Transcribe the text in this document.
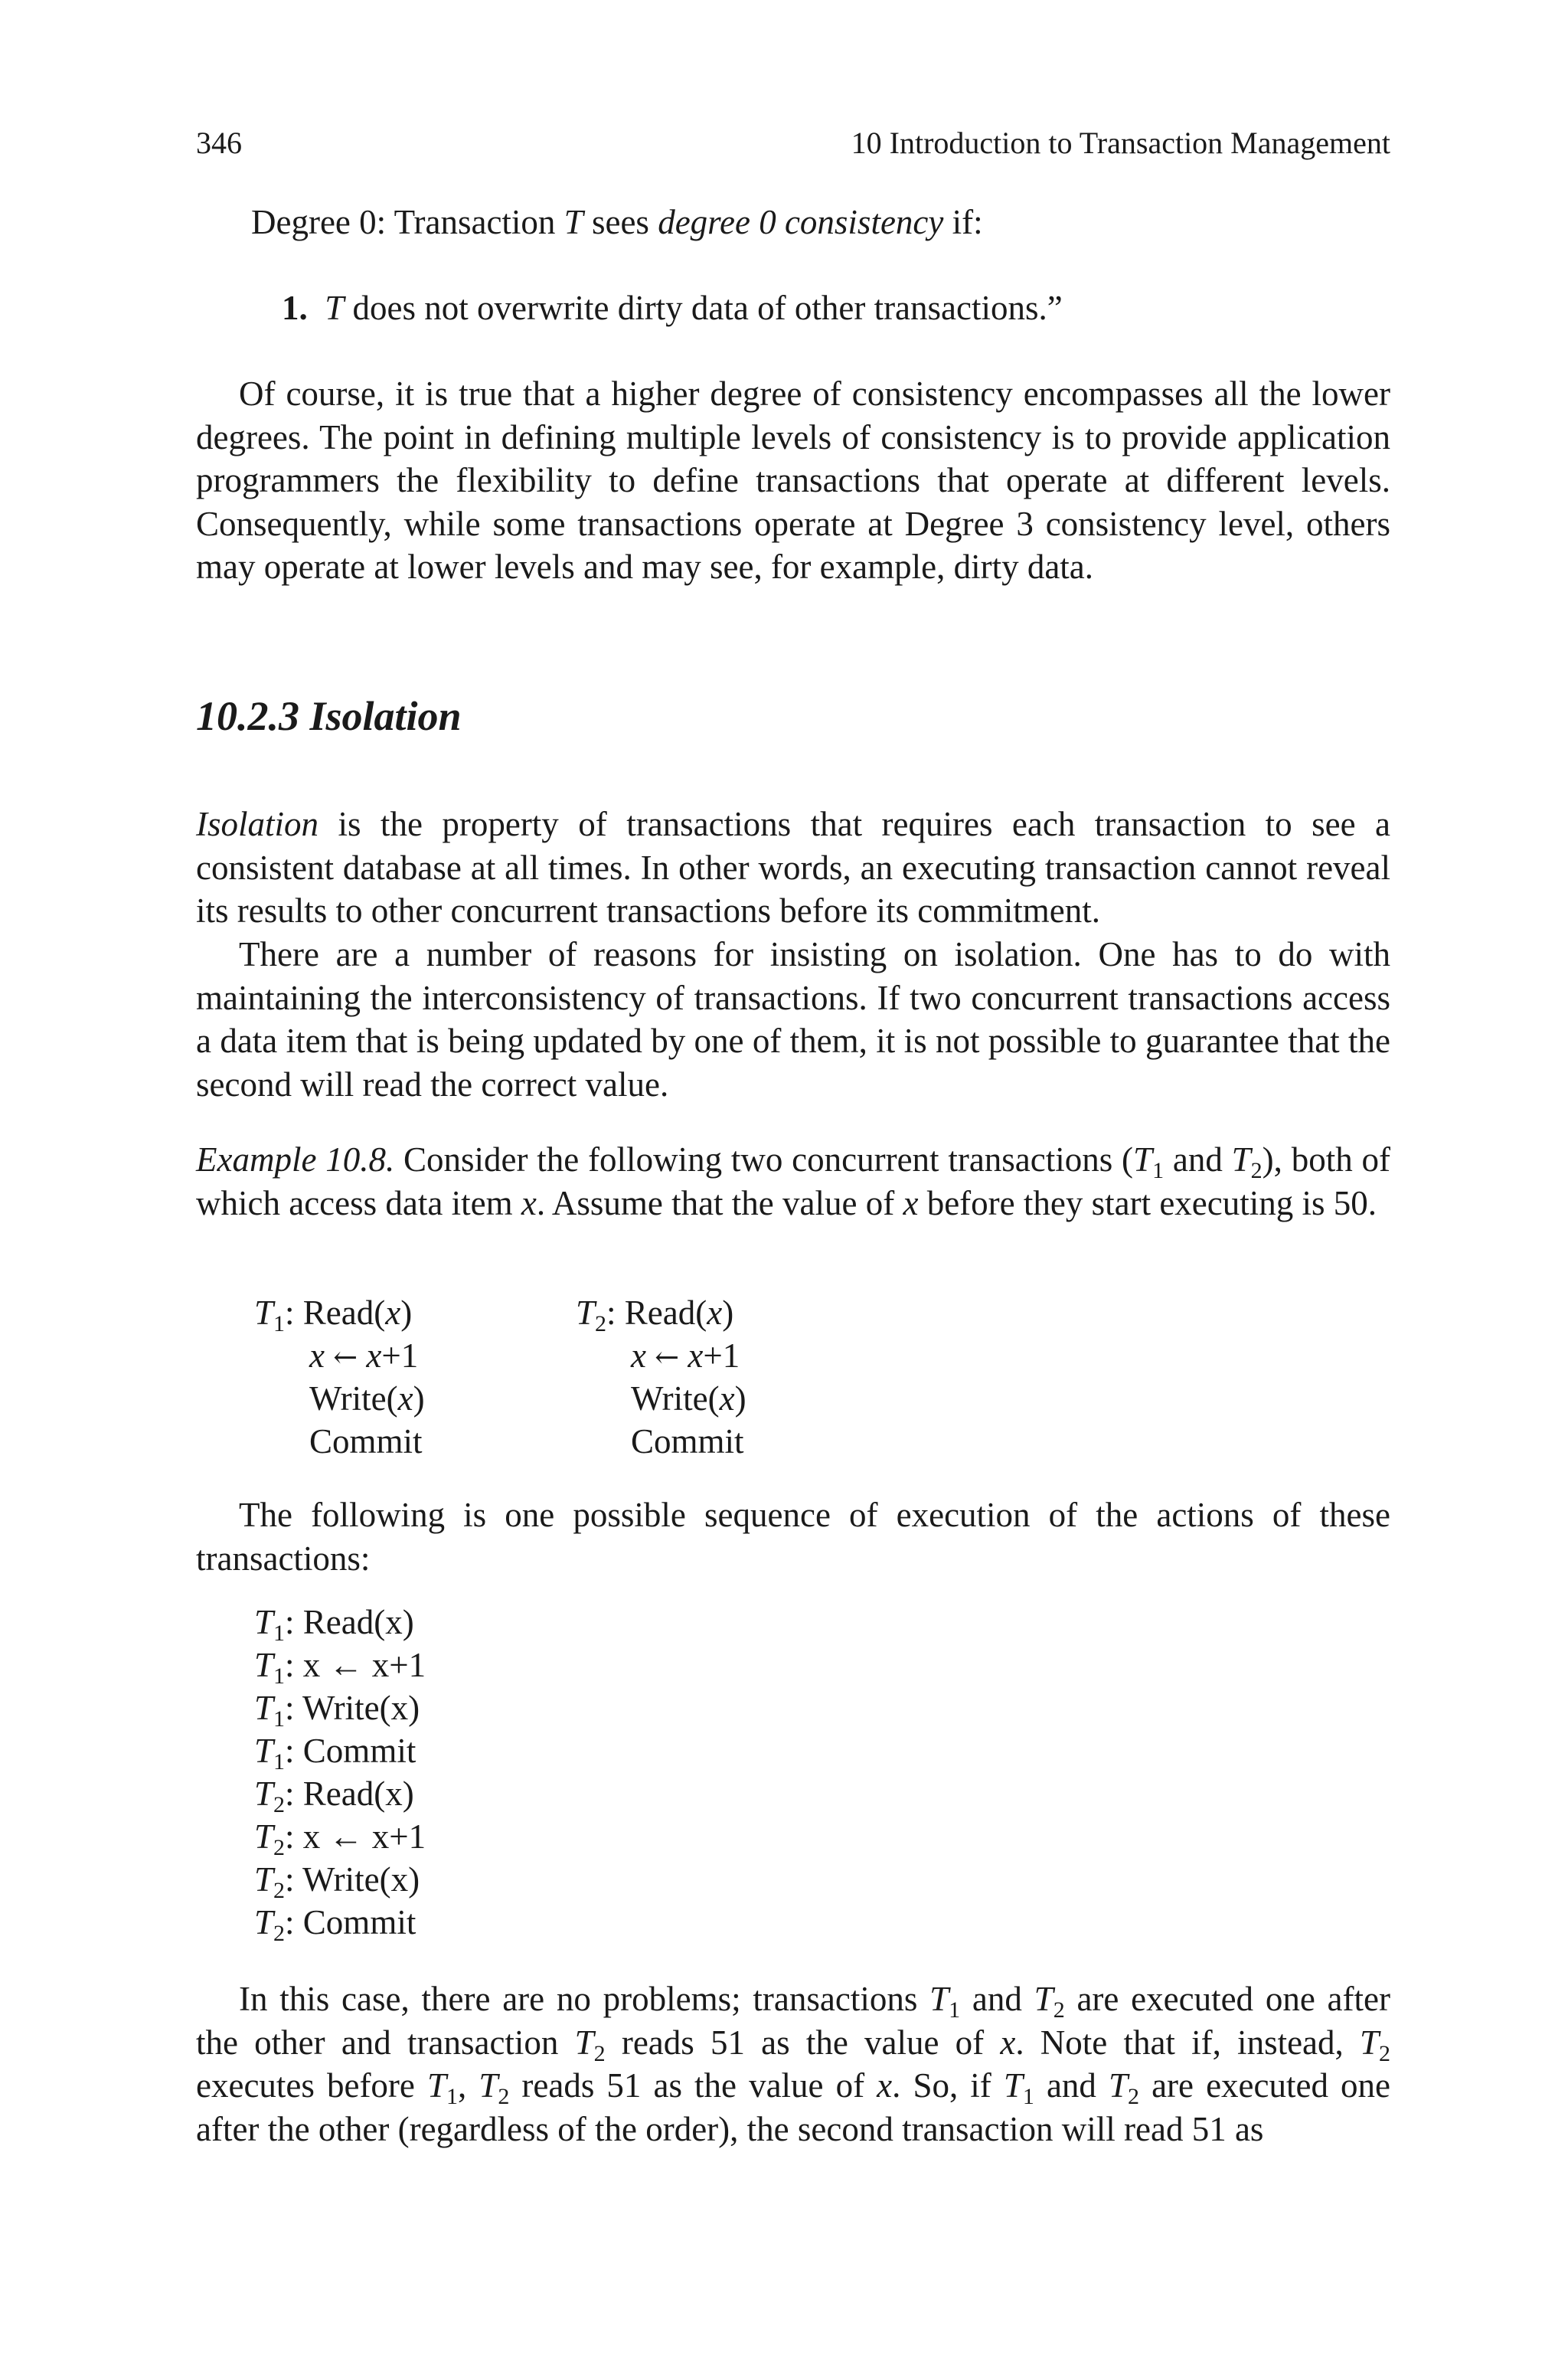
346	10 Introduction to Transaction Management
Degree 0: Transaction T sees degree 0 consistency if:
1. T does not overwrite dirty data of other transactions.”
Of course, it is true that a higher degree of consistency encompasses all the lower degrees. The point in defining multiple levels of consistency is to provide application programmers the flexibility to define transactions that operate at different levels. Consequently, while some transactions operate at Degree 3 consistency level, others may operate at lower levels and may see, for example, dirty data.
10.2.3 Isolation
Isolation is the property of transactions that requires each transaction to see a consistent database at all times. In other words, an executing transaction cannot reveal its results to other concurrent transactions before its commitment.
There are a number of reasons for insisting on isolation. One has to do with maintaining the interconsistency of transactions. If two concurrent transactions access a data item that is being updated by one of them, it is not possible to guarantee that the second will read the correct value.
Example 10.8. Consider the following two concurrent transactions ($T_1$ and $T_2$), both of which access data item x. Assume that the value of x before they start executing is 50.
$T_1$: Read(x)
x ← x+1
Write(x)
Commit
$T_2$: Read(x)
x ← x+1
Write(x)
Commit
The following is one possible sequence of execution of the actions of these transactions:
$T_1$: Read(x)
$T_1$: x ← x+1
$T_1$: Write(x)
$T_1$: Commit
$T_2$: Read(x)
$T_2$: x ← x+1
$T_2$: Write(x)
$T_2$: Commit
In this case, there are no problems; transactions $T_1$ and $T_2$ are executed one after the other and transaction $T_2$ reads 51 as the value of x. Note that if, instead, $T_2$ executes before $T_1$, $T_2$ reads 51 as the value of x. So, if $T_1$ and $T_2$ are executed one after the other (regardless of the order), the second transaction will read 51 as
